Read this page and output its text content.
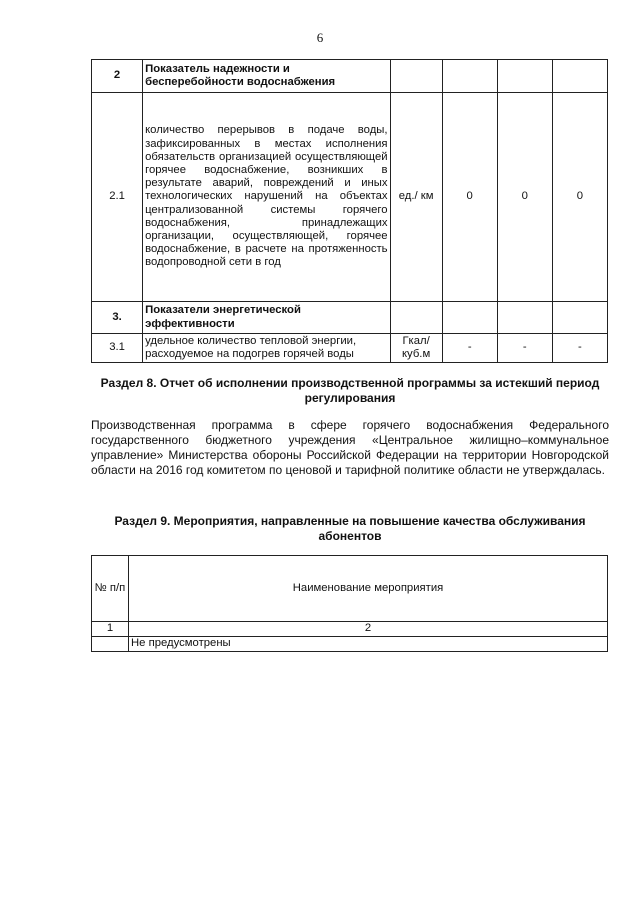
6
2	Показатель надежности и бесперебойности водоснабжения				
2.1	количество перерывов в подаче воды, зафиксированных в местах исполнения обязательств организацией осуществляющей горячее водоснабжение, возникших в результате аварий, повреждений и иных технологических нарушений на объектах централизованной системы горячего водоснабжения, принадлежащих организации, осуществляющей, горячее водоснабжение, в расчете на протяженность водопроводной сети в год	ед./ км	0	0	0
3.	Показатели энергетической эффективности				
3.1	удельное количество тепловой энергии, расходуемое на подогрев горячей воды	Гкал/ куб.м	-	-	-
Раздел 8. Отчет об исполнении производственной программы за истекший период регулирования
Производственная программа в сфере горячего водоснабжения Федерального государственного бюджетного учреждения «Центральное жилищно–коммунальное управление» Министерства обороны Российской Федерации на территории Новгородской области на 2016 год комитетом по ценовой и тарифной политике области не утверждалась.
Раздел 9. Мероприятия, направленные на повышение качества обслуживания абонентов
№ п/п	Наименование мероприятия
1	2
	Не предусмотрены
